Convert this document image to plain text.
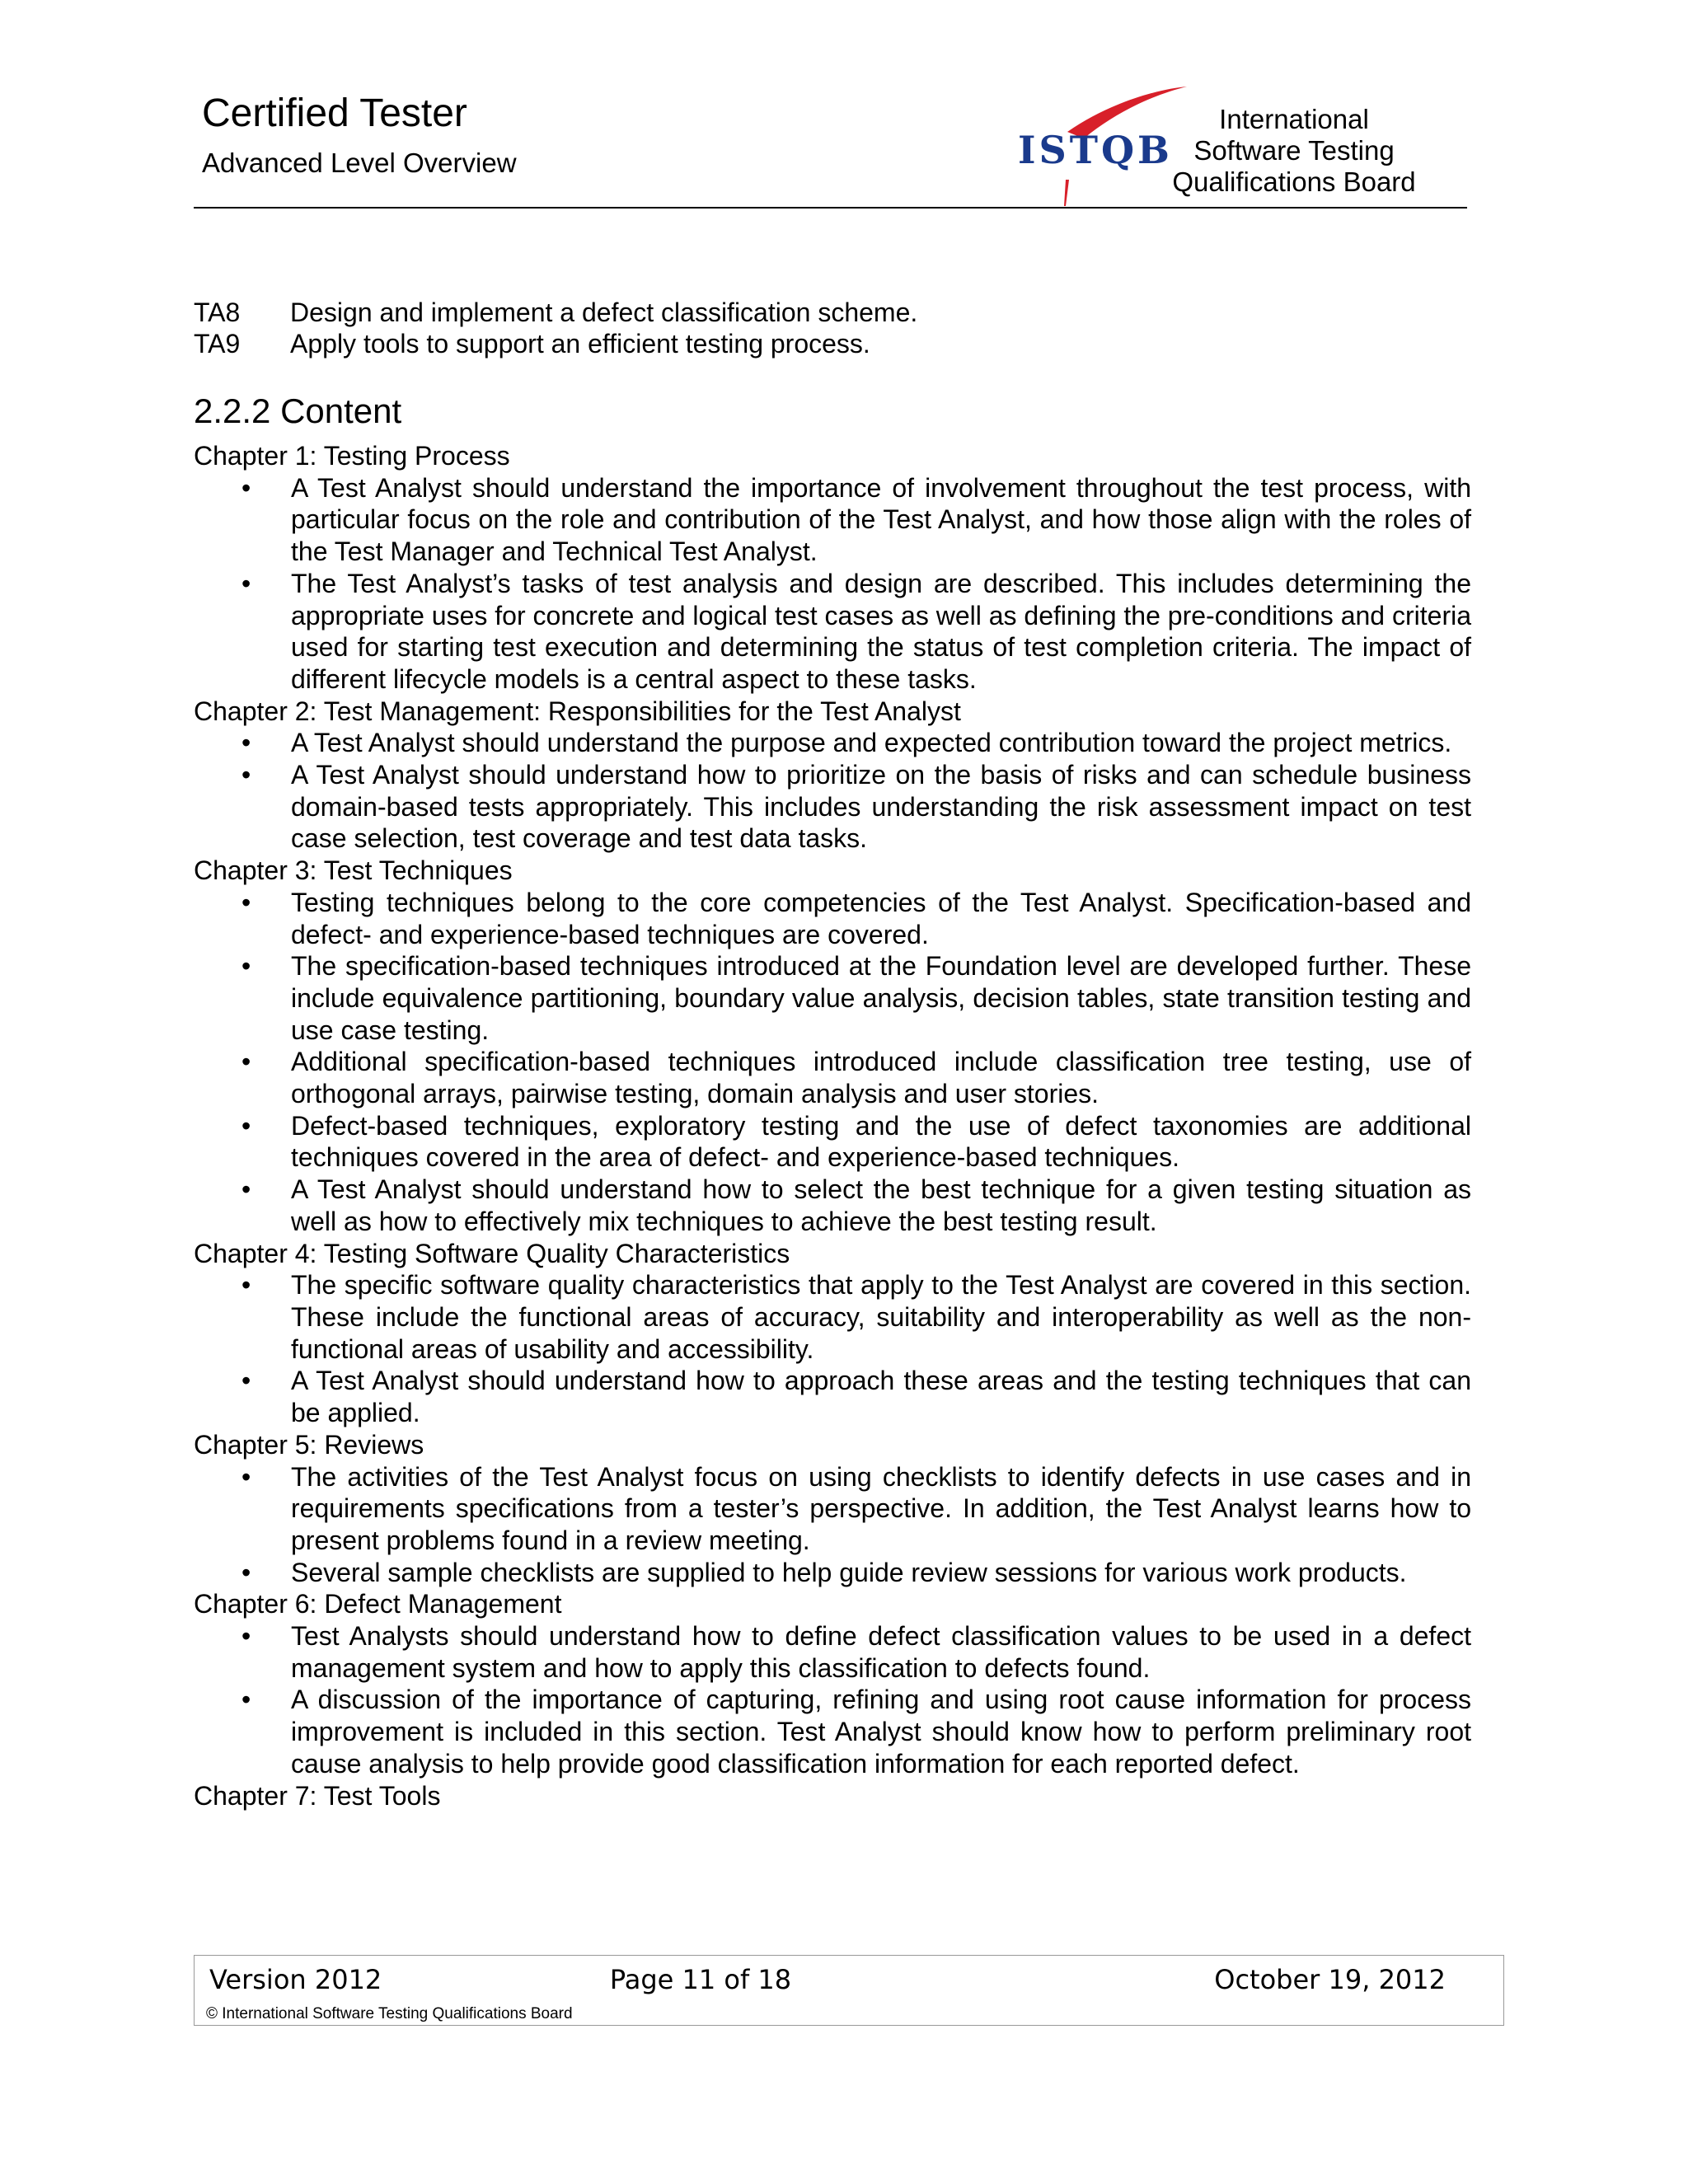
Certified Tester
Advanced Level Overview	ISTQB
International
Software Testing
Qualifications Board
TA8 Design and implement a defect classification scheme.
TA9 Apply tools to support an efficient testing process.
2.2.2 Content
Chapter 1: Testing Process
• A Test Analyst should understand the importance of involvement throughout the test process, with particular focus on the role and contribution of the Test Analyst, and how those align with the roles of the Test Manager and Technical Test Analyst.
• The Test Analyst’s tasks of test analysis and design are described. This includes determining the appropriate uses for concrete and logical test cases as well as defining the pre-conditions and criteria used for starting test execution and determining the status of test completion criteria. The impact of different lifecycle models is a central aspect to these tasks.
Chapter 2: Test Management: Responsibilities for the Test Analyst
• A Test Analyst should understand the purpose and expected contribution toward the project metrics.
• A Test Analyst should understand how to prioritize on the basis of risks and can schedule business domain-based tests appropriately. This includes understanding the risk assessment impact on test case selection, test coverage and test data tasks.
Chapter 3: Test Techniques
• Testing techniques belong to the core competencies of the Test Analyst. Specification-based and defect- and experience-based techniques are covered.
• The specification-based techniques introduced at the Foundation level are developed further. These include equivalence partitioning, boundary value analysis, decision tables, state transition testing and use case testing.
• Additional specification-based techniques introduced include classification tree testing, use of orthogonal arrays, pairwise testing, domain analysis and user stories.
• Defect-based techniques, exploratory testing and the use of defect taxonomies are additional techniques covered in the area of defect- and experience-based techniques.
• A Test Analyst should understand how to select the best technique for a given testing situation as well as how to effectively mix techniques to achieve the best testing result.
Chapter 4: Testing Software Quality Characteristics
• The specific software quality characteristics that apply to the Test Analyst are covered in this section. These include the functional areas of accuracy, suitability and interoperability as well as the non-functional areas of usability and accessibility.
• A Test Analyst should understand how to approach these areas and the testing techniques that can be applied.
Chapter 5: Reviews
• The activities of the Test Analyst focus on using checklists to identify defects in use cases and in requirements specifications from a tester’s perspective. In addition, the Test Analyst learns how to present problems found in a review meeting.
• Several sample checklists are supplied to help guide review sessions for various work products.
Chapter 6: Defect Management
• Test Analysts should understand how to define defect classification values to be used in a defect management system and how to apply this classification to defects found.
• A discussion of the importance of capturing, refining and using root cause information for process improvement is included in this section. Test Analyst should know how to perform preliminary root cause analysis to help provide good classification information for each reported defect.
Chapter 7: Test Tools
Version 2012	Page 11 of 18	October 19, 2012
© International Software Testing Qualifications Board
